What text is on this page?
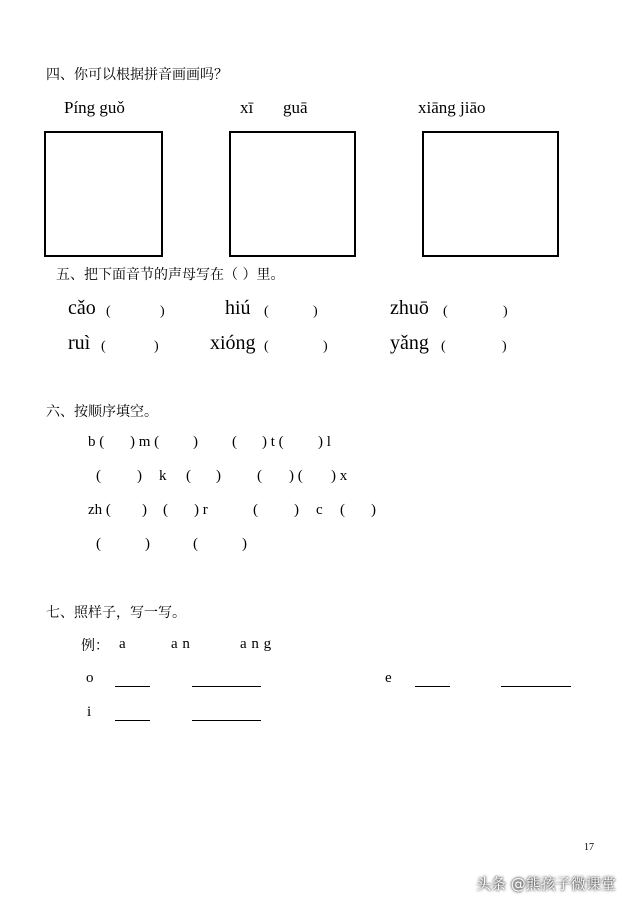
四、你可以根据拼音画画吗？
Píng guǒ	xī guā	xiāng jiāo
五、把下面音节的声母写在（ ）里。
cǎo (	)	hiú (	)	zhuō (	)
ruì (	)	xióng (	)	yǎng (	)
六、按顺序填空。
b ( ) m ( ) ( ) t ( ) l
( ) k ( ) ( ) ( ) x
zh ( ) ( ) r	( ) c ( )
(	)	(	)
七、照样子，写一写。
例： a	a n	a n g
o	e
i
17
头条 @熊孩子微课堂
